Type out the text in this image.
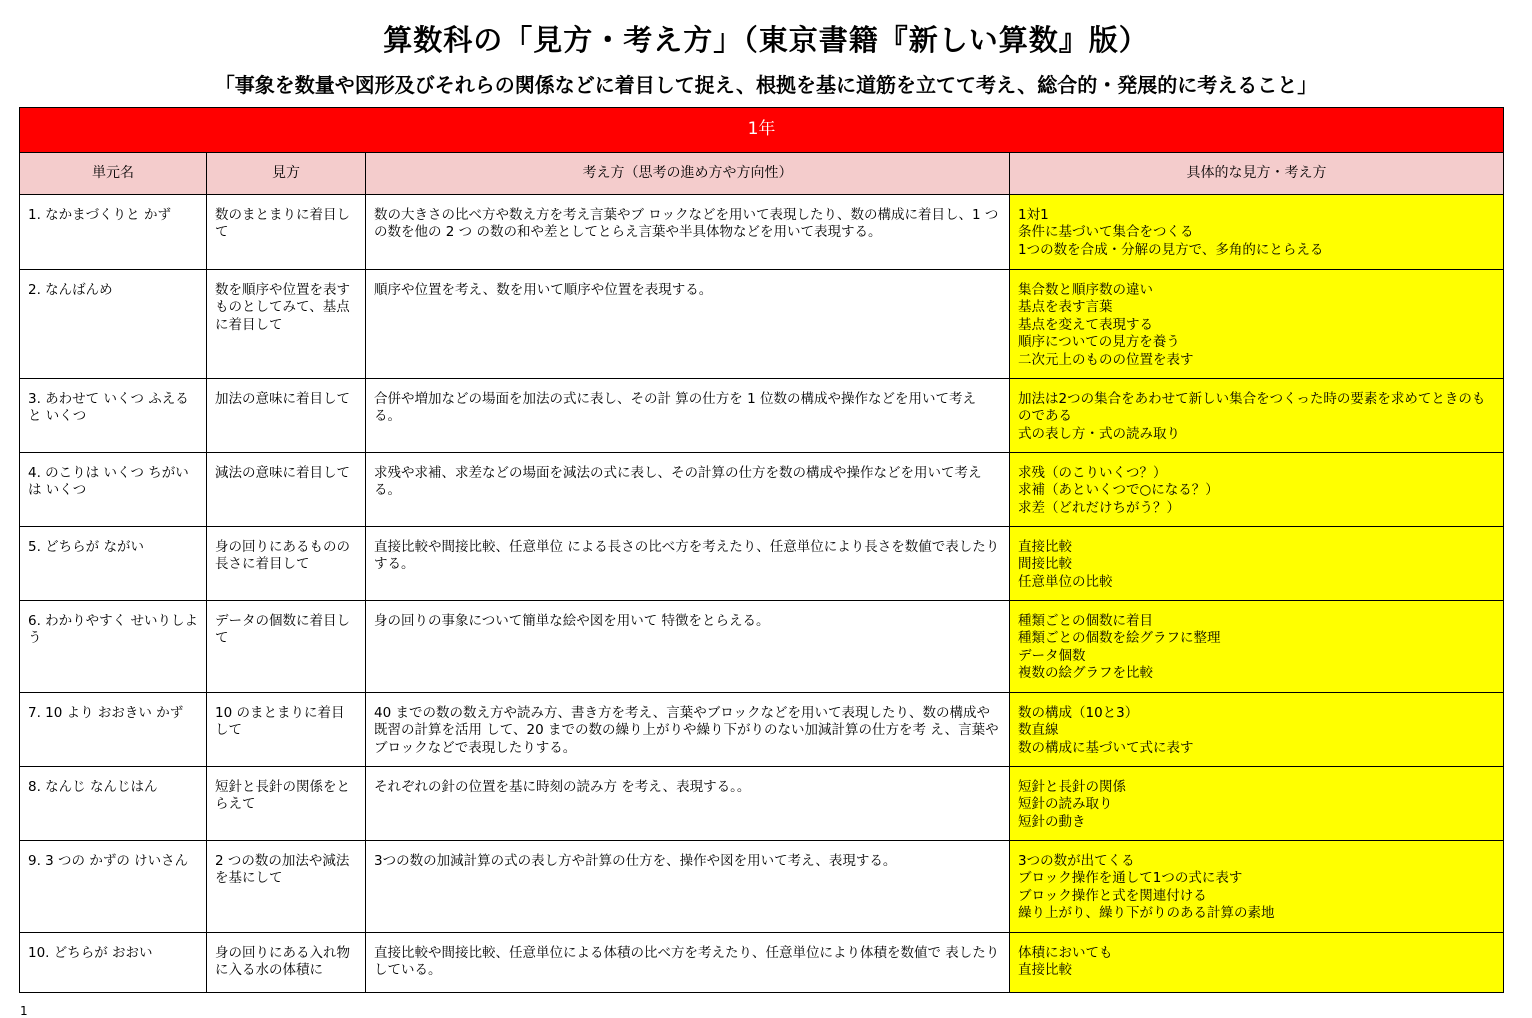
算数科の「見方・考え方」（東京書籍『新しい算数』版）
「事象を数量や図形及びそれらの関係などに着目して捉え、根拠を基に道筋を立てて考え、総合的・発展的に考えること」
1年			
単元名	見方	考え方（思考の進め方や方向性）	具体的な見方・考え方
1. なかまづくりと かず	数のまとまりに着目して	数の大きさの比べ方や数え方を考え言葉やブ ロックなどを用いて表現したり、数の構成に着目し、1 つの数を他の 2 つ の数の和や差としてとらえ言葉や半具体物などを用いて表現する。	1対1
条件に基づいて集合をつくる
1つの数を合成・分解の見方で、多角的にとらえる

2. なんばんめ	数を順序や位置を表すものとしてみて、基点に着目して	順序や位置を考え、数を用いて順序や位置を表現する。	集合数と順序数の違い
基点を表す言葉
基点を変えて表現する
順序についての見方を養う
二次元上のものの位置を表す

3. あわせて いくつ ふえると いくつ	加法の意味に着目して	合併や増加などの場面を加法の式に表し、その計 算の仕方を 1 位数の構成や操作などを用いて考える。	加法は2つの集合をあわせて新しい集合をつくった時の要素を求めてときのものである
式の表し方・式の読み取り

4. のこりは いくつ ちがいは いくつ	減法の意味に着目して	求残や求補、求差などの場面を減法の式に表し、その計算の仕方を数の構成や操作などを用いて考える。	求残（のこりいくつ？）
求補（あといくつで○になる？）
求差（どれだけちがう？）

5. どちらが ながい	身の回りにあるものの長さに着目して	直接比較や間接比較、任意単位 による長さの比べ方を考えたり、任意単位により長さを数値で表したりする。	直接比較
間接比較
任意単位の比較

6. わかりやすく せいりしよう	データの個数に着目して	身の回りの事象について簡単な絵や図を用いて 特徴をとらえる。	種類ごとの個数に着目
種類ごとの個数を絵グラフに整理
データ個数
複数の絵グラフを比較

7. 10 より おおきい かず	10 のまとまりに着目して	40 までの数の数え方や読み方、書き方を考え、言葉やブロックなどを用いて表現したり、数の構成や既習の計算を活用 して、20 までの数の繰り上がりや繰り下がりのない加減計算の仕方を考 え、言葉やブロックなどで表現したりする。	数の構成（10と3）
数直線
数の構成に基づいて式に表す

8. なんじ なんじはん	短針と長針の関係をとらえて	それぞれの針の位置を基に時刻の読み方 を考え、表現する。。	短針と長針の関係
短針の読み取り
短針の動き

9. 3 つの かずの けいさん	2 つの数の加法や減法を基にして	3つの数の加減計算の式の表し方や計算の仕方を、操作や図を用いて考え、表現する。	3つの数が出てくる
ブロック操作を通して1つの式に表す
ブロック操作と式を関連付ける
繰り上がり、繰り下がりのある計算の素地

10. どちらが おおい	身の回りにある入れ物に入る水の体積に	直接比較や間接比較、任意単位による体積の比べ方を考えたり、任意単位により体積を数値で 表したりしている。	体積においても
直接比較
1
